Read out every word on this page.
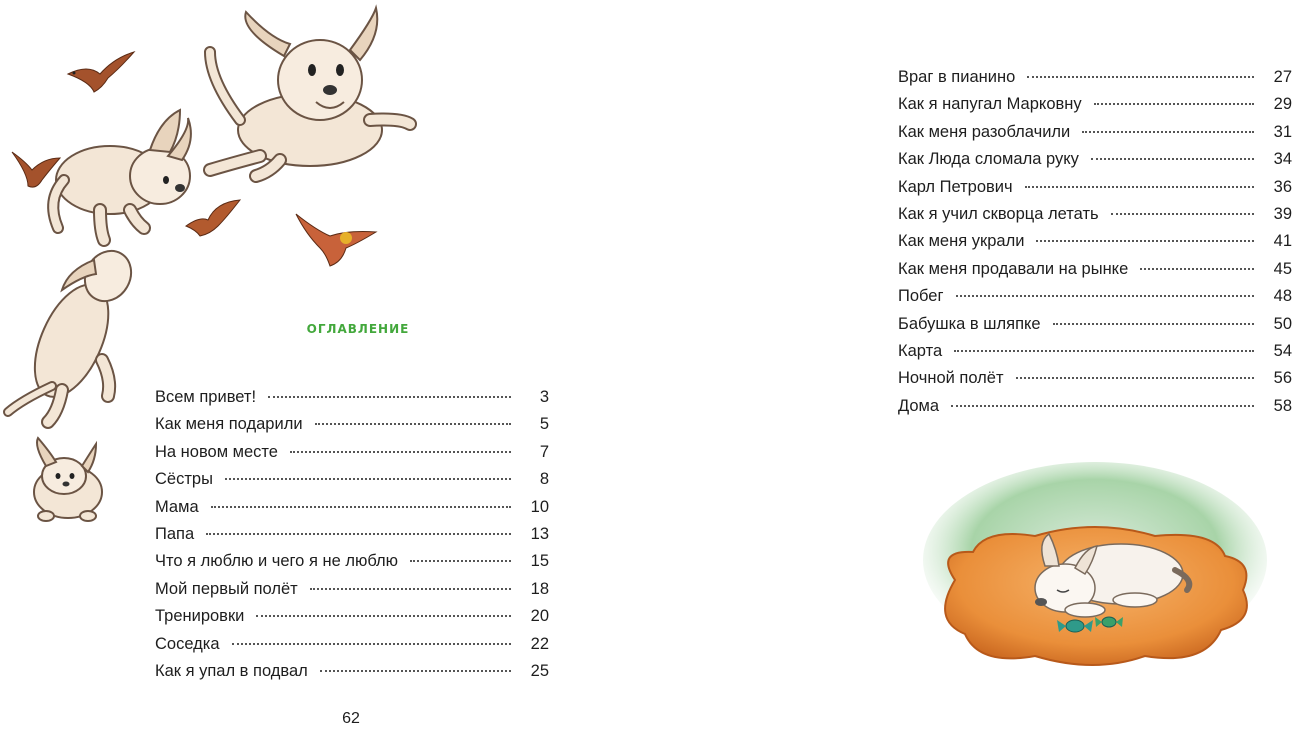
оглавление
Всем привет!	3
Как меня подарили	5
На новом месте	7
Сёстры	8
Мама	10
Папа	13
Что я люблю и чего я не люблю	15
Мой первый полёт	18
Тренировки	20
Соседка	22
Как я упал в подвал	25
62
Враг в пианино	27
Как я напугал Марковну	29
Как меня разоблачили	31
Как Люда сломала руку	34
Карл Петрович	36
Как я учил скворца летать	39
Как меня украли	41
Как меня продавали на рынке	45
Побег	48
Бабушка в шляпке	50
Карта	54
Ночной полёт	56
Дома	58
